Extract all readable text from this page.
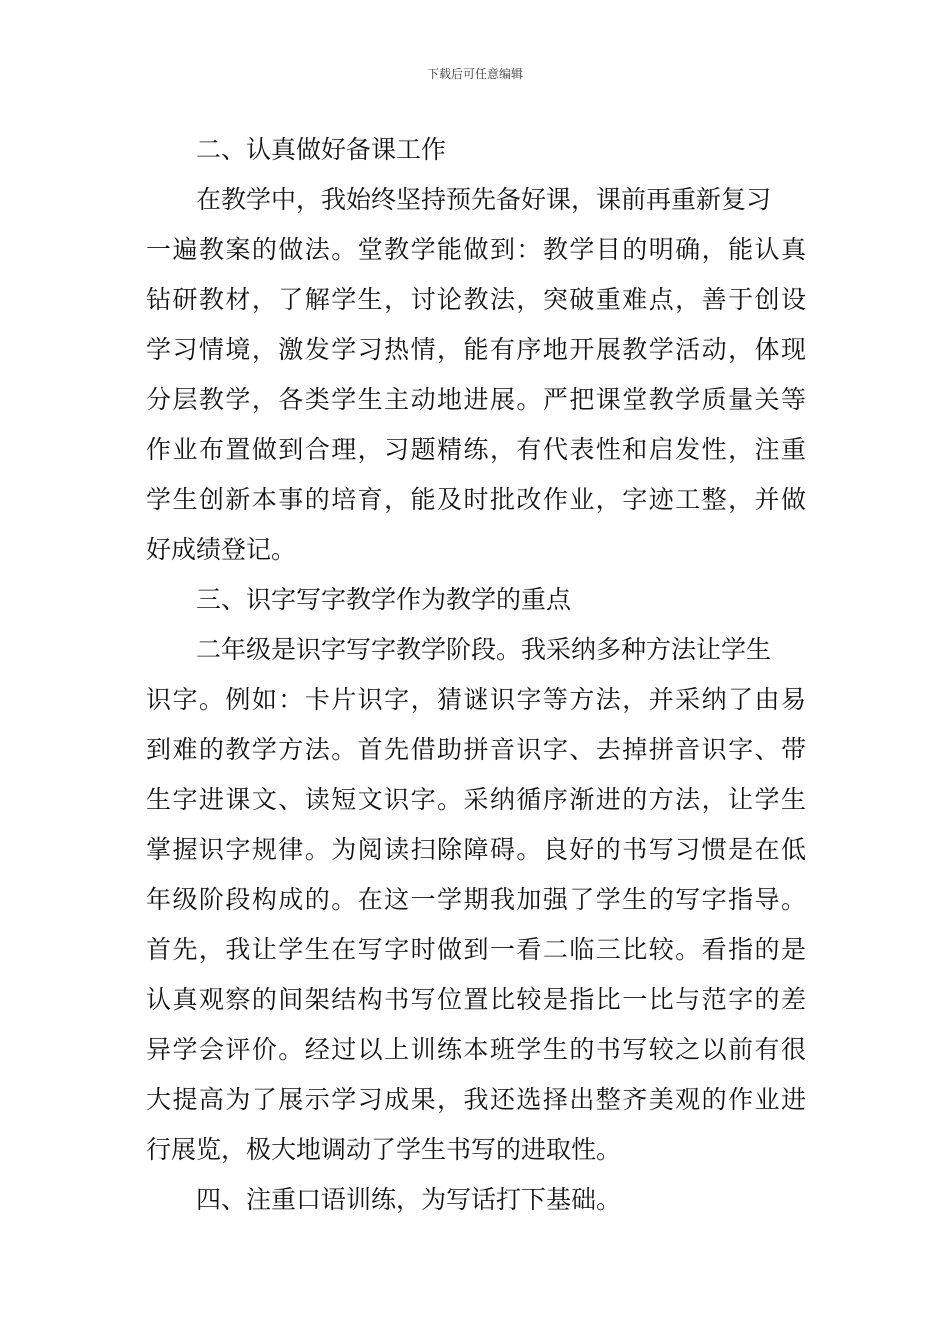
下载后可任意编辑
二、认真做好备课工作
在教学中，我始终坚持预先备好课，课前再重新复习
一遍教案的做法。堂教学能做到：教学目的明确，能认真
钻研教材，了解学生，讨论教法，突破重难点，善于创设
学习情境，激发学习热情，能有序地开展教学活动，体现
分层教学，各类学生主动地进展。严把课堂教学质量关等
作业布置做到合理，习题精练，有代表性和启发性，注重
学生创新本事的培育，能及时批改作业，字迹工整，并做
好成绩登记。
三、识字写字教学作为教学的重点
二年级是识字写字教学阶段。我采纳多种方法让学生
识字。例如：卡片识字，猜谜识字等方法，并采纳了由易
到难的教学方法。首先借助拼音识字、去掉拼音识字、带
生字进课文、读短文识字。采纳循序渐进的方法，让学生
掌握识字规律。为阅读扫除障碍。良好的书写习惯是在低
年级阶段构成的。在这一学期我加强了学生的写字指导。
首先，我让学生在写字时做到一看二临三比较。看指的是
认真观察的间架结构书写位置比较是指比一比与范字的差
异学会评价。经过以上训练本班学生的书写较之以前有很
大提高为了展示学习成果，我还选择出整齐美观的作业进
行展览，极大地调动了学生书写的进取性。
四、注重口语训练，为写话打下基础。
